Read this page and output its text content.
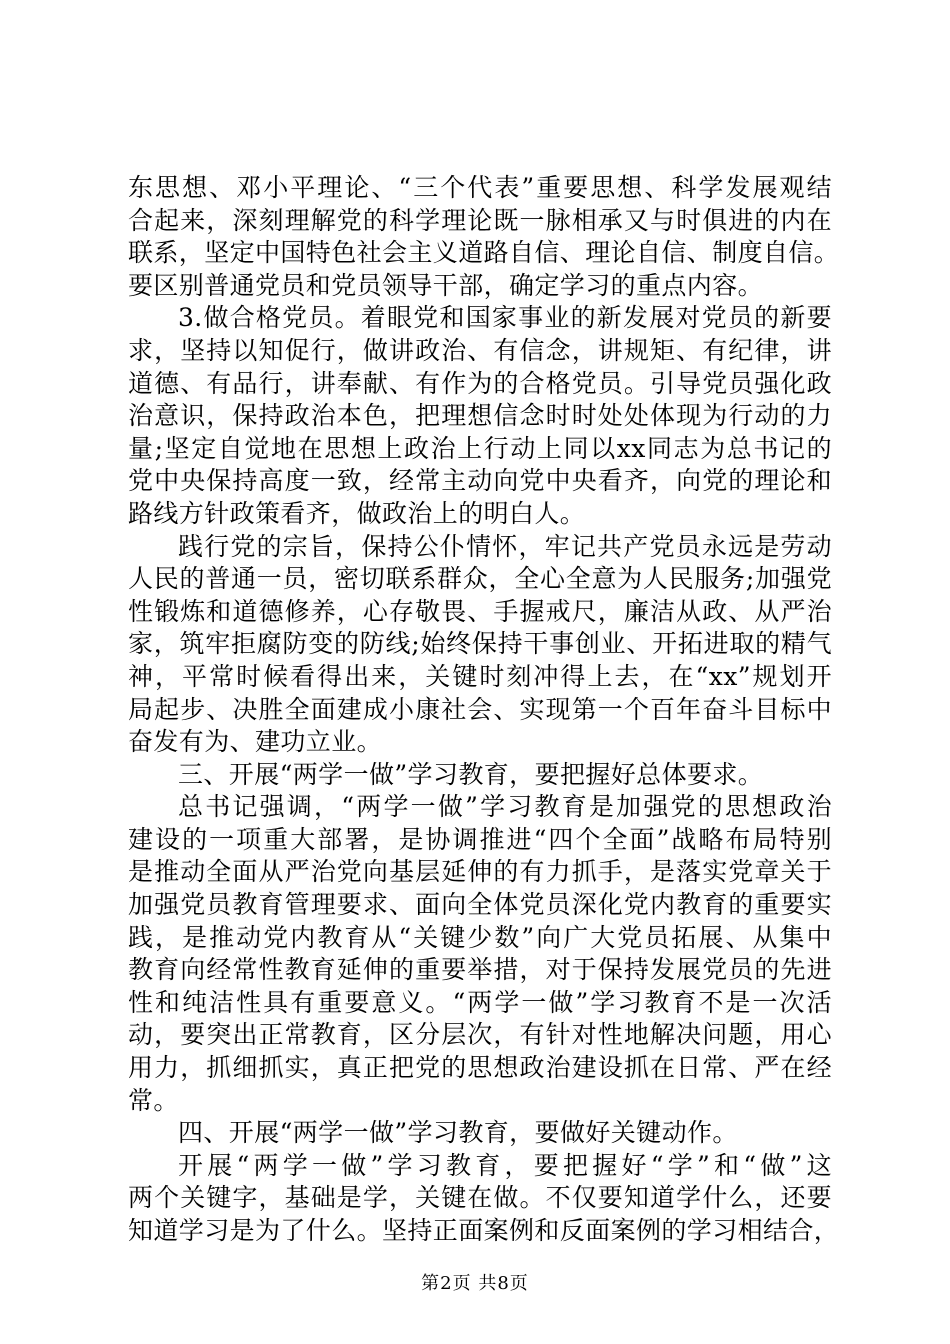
东思想、邓小平理论、“三个代表”重要思想、科学发展观结
合起来，深刻理解党的科学理论既一脉相承又与时俱进的内在
联系，坚定中国特色社会主义道路自信、理论自信、制度自信。
要区别普通党员和党员领导干部，确定学习的重点内容。
3.做合格党员。着眼党和国家事业的新发展对党员的新要
求，坚持以知促行，做讲政治、有信念，讲规矩、有纪律，讲
道德、有品行，讲奉献、有作为的合格党员。引导党员强化政
治意识，保持政治本色，把理想信念时时处处体现为行动的力
量;坚定自觉地在思想上政治上行动上同以xx同志为总书记的
党中央保持高度一致，经常主动向党中央看齐，向党的理论和
路线方针政策看齐，做政治上的明白人。
践行党的宗旨，保持公仆情怀，牢记共产党员永远是劳动
人民的普通一员，密切联系群众，全心全意为人民服务;加强党
性锻炼和道德修养，心存敬畏、手握戒尺，廉洁从政、从严治
家，筑牢拒腐防变的防线;始终保持干事创业、开拓进取的精气
神，平常时候看得出来，关键时刻冲得上去，在“xx”规划开
局起步、决胜全面建成小康社会、实现第一个百年奋斗目标中
奋发有为、建功立业。
三、开展“两学一做”学习教育，要把握好总体要求。
总书记强调，“两学一做”学习教育是加强党的思想政治
建设的一项重大部署，是协调推进“四个全面”战略布局特别
是推动全面从严治党向基层延伸的有力抓手，是落实党章关于
加强党员教育管理要求、面向全体党员深化党内教育的重要实
践，是推动党内教育从“关键少数”向广大党员拓展、从集中
教育向经常性教育延伸的重要举措，对于保持发展党员的先进
性和纯洁性具有重要意义。“两学一做”学习教育不是一次活
动，要突出正常教育，区分层次，有针对性地解决问题，用心
用力，抓细抓实，真正把党的思想政治建设抓在日常、严在经
常。
四、开展“两学一做”学习教育，要做好关键动作。
开展“两学一做”学习教育，要把握好“学”和“做”这
两个关键字，基础是学，关键在做。不仅要知道学什么，还要
知道学习是为了什么。坚持正面案例和反面案例的学习相结合，
第2页 共8页
